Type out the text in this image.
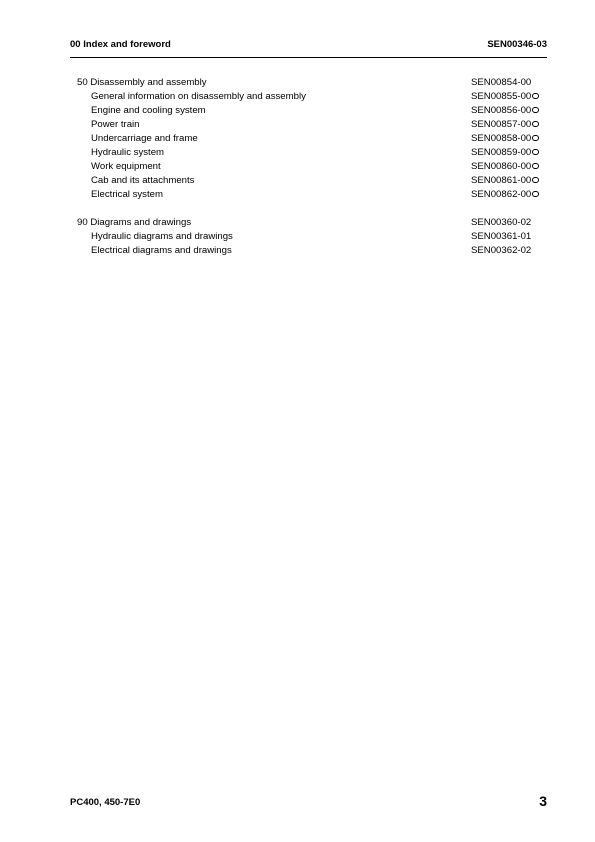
00 Index and foreword	SEN00346-03
50 Disassembly and assembly	SEN00854-00
General information on disassembly and assembly	SEN00855-00
Engine and cooling system	SEN00856-00
Power train	SEN00857-00
Undercarriage and frame	SEN00858-00
Hydraulic system	SEN00859-00
Work equipment	SEN00860-00
Cab and its attachments	SEN00861-00
Electrical system	SEN00862-00
90 Diagrams and drawings	SEN00360-02
Hydraulic diagrams and drawings	SEN00361-01
Electrical diagrams and drawings	SEN00362-02
PC400, 450-7E0	3
